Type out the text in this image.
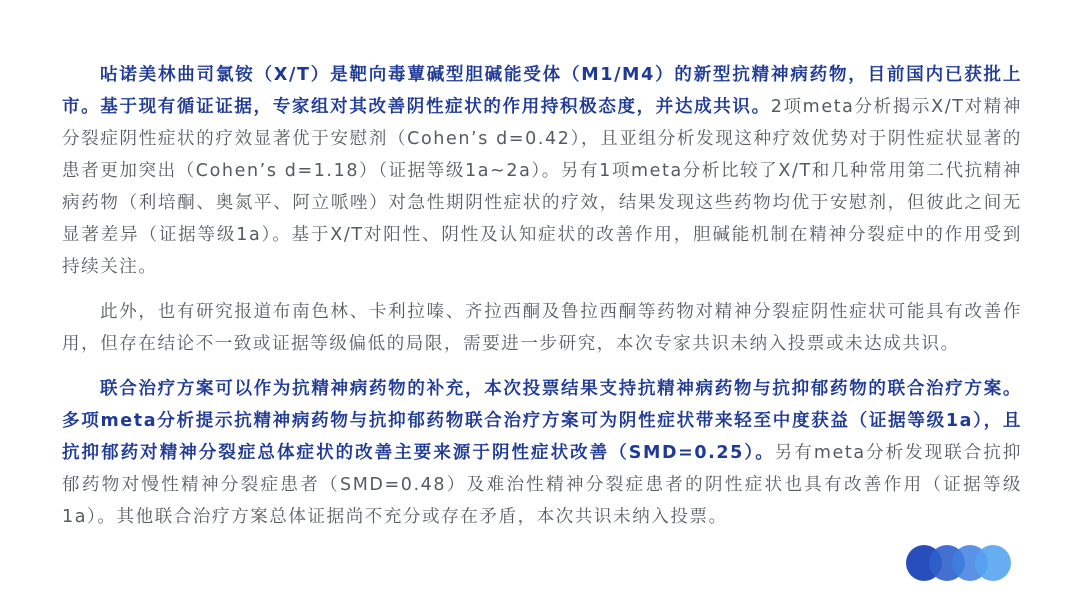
呫诺美林曲司氯铵（X/T）是靶向毒蕈碱型胆碱能受体（M1/M4）的新型抗精神病药物，目前国内已获批上市。基于现有循证证据，专家组对其改善阴性症状的作用持积极态度，并达成共识。2项meta分析揭示X/T对精神分裂症阴性症状的疗效显著优于安慰剂（Cohen’s d=0.42），且亚组分析发现这种疗效优势对于阴性症状显著的患者更加突出（Cohen’s d=1.18）（证据等级1a~2a）。另有1项meta分析比较了X/T和几种常用第二代抗精神病药物（利培酮、奥氮平、阿立哌唑）对急性期阴性症状的疗效，结果发现这些药物均优于安慰剂，但彼此之间无显著差异（证据等级1a）。基于X/T对阳性、阴性及认知症状的改善作用，胆碱能机制在精神分裂症中的作用受到持续关注。

此外，也有研究报道布南色林、卡利拉嗪、齐拉西酮及鲁拉西酮等药物对精神分裂症阴性症状可能具有改善作用，但存在结论不一致或证据等级偏低的局限，需要进一步研究，本次专家共识未纳入投票或未达成共识。

联合治疗方案可以作为抗精神病药物的补充，本次投票结果支持抗精神病药物与抗抑郁药物的联合治疗方案。多项meta分析提示抗精神病药物与抗抑郁药物联合治疗方案可为阴性症状带来轻至中度获益（证据等级1a），且抗抑郁药对精神分裂症总体症状的改善主要来源于阴性症状改善（SMD=0.25）。另有meta分析发现联合抗抑郁药物对慢性精神分裂症患者（SMD=0.48）及难治性精神分裂症患者的阴性症状也具有改善作用（证据等级1a）。其他联合治疗方案总体证据尚不充分或存在矛盾，本次共识未纳入投票。
